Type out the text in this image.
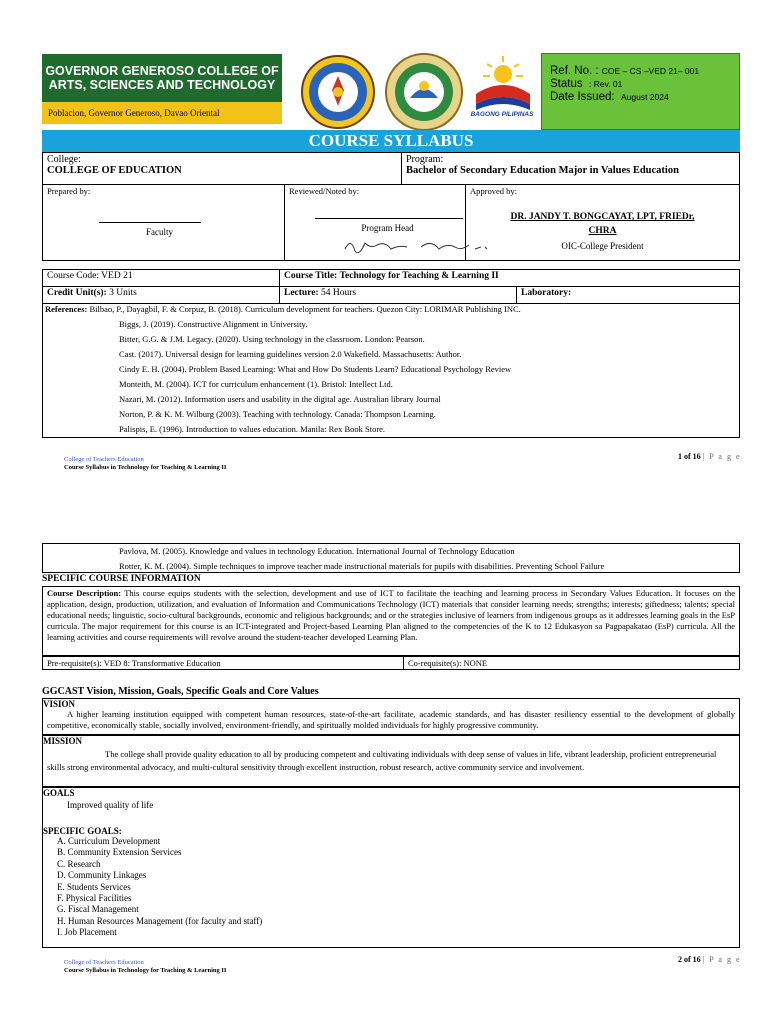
GOVERNOR GENEROSO COLLEGE OF ARTS, SCIENCES AND TECHNOLOGY
Poblacion, Governor Generoso, Davao Oriental	BAGONG PILIPINAS
Ref. No. : COE – CS –VED 21– 001
Status : Rev. 01
Date Issued: August 2024
COURSE SYLLABUS
College:
COLLEGE OF EDUCATION

Program:
Bachelor of Secondary Education Major in Values Education
Prepared by:
Faculty

Reviewed/Noted by:
Program Head

Approved by:
DR. JANDY T. BONGCAYAT, LPT, FRIEDr,
CHRA
OIC-College President
Course Code: VED 21	Course Title: Technology for Teaching & Learning II	
Credit Unit(s): 3 Units	Lecture: 54 Hours	Laboratory:
References: Bilbao, P., Dayagbil, F. & Corpuz, B. (2018). Curriculum development for teachers. Quezon City: LORIMAR Publishing INC.
Biggs, J. (2019). Constructive Alignment in University.
Bitter, G.G. & J.M. Legacy. (2020). Using technology in the classroom. London: Pearson.
Cast. (2017). Universal design for learning guidelines version 2.0 Wakefield. Massachusetts: Author.
Cindy E. H. (2004). Problem Based Learning: What and How Do Students Learn? Educational Psychology Review
Monteith, M. (2004). ICT for curriculum enhancement (1). Bristol: Intellect Ltd.
Nazari, M. (2012). Information users and usability in the digital age. Australian library Journal
Norton, P. & K. M. Wilburg (2003). Teaching with technology. Canada: Thompson Learning.
Palispis, E. (1996). Introduction to values education. Manila: Rex Book Store.
College of Teachers Education
Course Syllabus in Technology for Teaching & Learning II
1 of 16 | P a g e
Pavlova, M. (2005). Knowledge and values in technology Education. International Journal of Technology Education
Rotter, K. M. (2004). Simple techniques to improve teacher made instructional materials for pupils with disabilities. Preventing School Failure
SPECIFIC COURSE INFORMATION
Course Description: This course equips students with the selection, development and use of ICT to facilitate the teaching and learning process in Secondary Values Education. It focuses on the application, design, production, utilization, and evaluation of Information and Communications Technology (ICT) materials that consider learning needs; strengths; interests; giftedness; talents; special educational needs; linguistic, socio-cultural backgrounds, economic and religious backgrounds; and or the strategies inclusive of learners from indigenous groups as it addresses learning goals in the EsP curricula. The major requirement for this course is an ICT-integrated and Project-based Learning Plan aligned to the competencies of the K to 12 Edukasyon sa Pagpapakatao (EsP) curricula. All the learning activities and course requirements will revolve around the student-teacher developed Learning Plan.
Pre-requisite(s): VED 8: Transformative Education	Co-requisite(s): NONE
GGCAST Vision, Mission, Goals, Specific Goals and Core Values
VISION
A higher learning institution equipped with competent human resources, state-of-the-art facilitate, academic standards, and has disaster resiliency essential to the development of globally competitive, economically stable, socially involved, environment-friendly, and spiritually molded individuals for highly progressive community.
MISSION
The college shall provide quality education to all by producing competent and cultivating individuals with deep sense of values in life, vibrant leadership, proficient entrepreneurial skills strong environmental advocacy, and multi-cultural sensitivity through excellent instruction, robust research, active community service and involvement.
GOALS
Improved quality of life
SPECIFIC GOALS:
A. Curriculum Development
B. Community Extension Services
C. Research
D. Community Linkages
E. Students Services
F. Physical Facilities
G. Fiscal Management
H. Human Resources Management (for faculty and staff)
I. Job Placement
College of Teachers Education
Course Syllabus in Technology for Teaching & Learning II
2 of 16 | P a g e
